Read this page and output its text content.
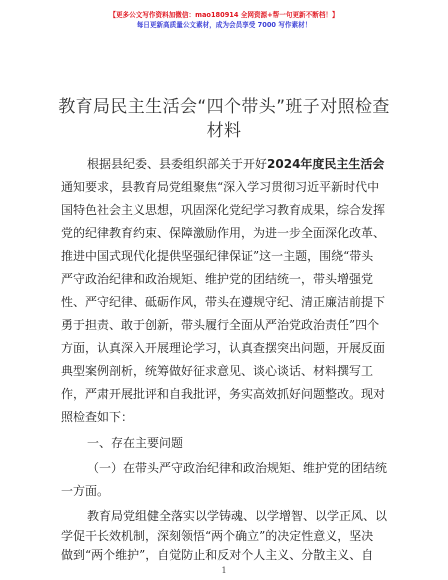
【更多公文写作资料加微信：mao180914 全网资源+帮一句更新不断档！】
每日更新高质量公文素材，成为会员享受 7000 写作素材！
教育局民主生活会“四个带头”班子对照检查
材料
根据县纪委、县委组织部关于开好2024年度民主生活会
通知要求，县教育局党组聚焦“深入学习贯彻习近平新时代中
国特色社会主义思想，巩固深化党纪学习教育成果，综合发挥
党的纪律教育约束、保障激励作用，为进一步全面深化改革、
推进中国式现代化提供坚强纪律保证”这一主题，围绕“带头
严守政治纪律和政治规矩、维护党的团结统一，带头增强党
性、严守纪律、砥砺作风，带头在遵规守纪、清正廉洁前提下
勇于担责、敢于创新，带头履行全面从严治党政治责任”四个
方面，认真深入开展理论学习，认真查摆突出问题，开展反面
典型案例剖析，统筹做好征求意见、谈心谈话、材料撰写工
作，严肃开展批评和自我批评，务实高效抓好问题整改。现对
照检查如下：
一、存在主要问题
（一）在带头严守政治纪律和政治规矩、维护党的团结统
一方面。
教育局党组健全落实以学铸魂、以学增智、以学正风、以
学促干长效机制，深刻领悟“两个确立”的决定性意义，坚决
做到“两个维护”，自觉防止和反对个人主义、分散主义、自
1
